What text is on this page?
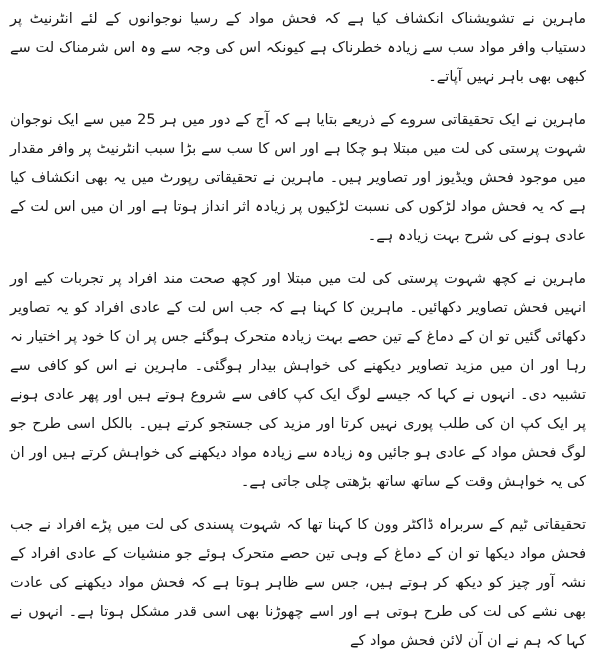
ماہرین نے تشویشناک انکشاف کیا ہے کہ فحش مواد کے رسیا نوجوانوں کے لئے انٹرنیٹ پر دستیاب وافر مواد سب سے زیادہ خطرناک ہے کیونکہ اس کی وجہ سے وہ اس شرمناک لت سے کبھی بھی باہر نہیں آپاتے۔

ماہرین نے ایک تحقیقاتی سروے کے ذریعے بتایا ہے کہ آج کے دور میں ہر 25 میں سے ایک نوجوان شہوت پرستی کی لت میں مبتلا ہو چکا ہے اور اس کا سب سے بڑا سبب انٹرنیٹ پر وافر مقدار میں موجود فحش ویڈیوز اور تصاویر ہیں۔ ماہرین نے تحقیقاتی رپورٹ میں یہ بھی انکشاف کیا ہے کہ یہ فحش مواد لڑکوں کی نسبت لڑکیوں پر زیادہ اثر انداز ہوتا ہے اور ان میں اس لت کے عادی ہونے کی شرح بہت زیادہ ہے۔

ماہرین نے کچھ شہوت پرستی کی لت میں مبتلا اور کچھ صحت مند افراد پر تجربات کیے اور انہیں فحش تصاویر دکھائیں۔ ماہرین کا کہنا ہے کہ جب اس لت کے عادی افراد کو یہ تصاویر دکھائی گئیں تو ان کے دماغ کے تین حصے بہت زیادہ متحرک ہوگئے جس پر ان کا خود پر اختیار نہ رہا اور ان میں مزید تصاویر دیکھنے کی خواہش بیدار ہوگئی۔ ماہرین نے اس کو کافی سے تشبیہ دی۔ انہوں نے کہا کہ جیسے لوگ ایک کپ کافی سے شروع ہوتے ہیں اور پھر عادی ہونے پر ایک کپ ان کی طلب پوری نہیں کرتا اور مزید کی جستجو کرتے ہیں۔ بالکل اسی طرح جو لوگ فحش مواد کے عادی ہو جائیں وہ زیادہ سے زیادہ مواد دیکھنے کی خواہش کرتے ہیں اور ان کی یہ خواہش وقت کے ساتھ ساتھ بڑھتی چلی جاتی ہے۔

تحقیقاتی ٹیم کے سربراہ ڈاکٹر وون کا کہنا تھا کہ شہوت پسندی کی لت میں پڑے افراد نے جب فحش مواد دیکھا تو ان کے دماغ کے وہی تین حصے متحرک ہوئے جو منشیات کے عادی افراد کے نشہ آور چیز کو دیکھ کر ہوتے ہیں، جس سے ظاہر ہوتا ہے کہ فحش مواد دیکھنے کی عادت بھی نشے کی لت کی طرح ہوتی ہے اور اسے چھوڑنا بھی اسی قدر مشکل ہوتا ہے۔ انہوں نے کہا کہ ہم نے ان آن لائن فحش مواد کے
